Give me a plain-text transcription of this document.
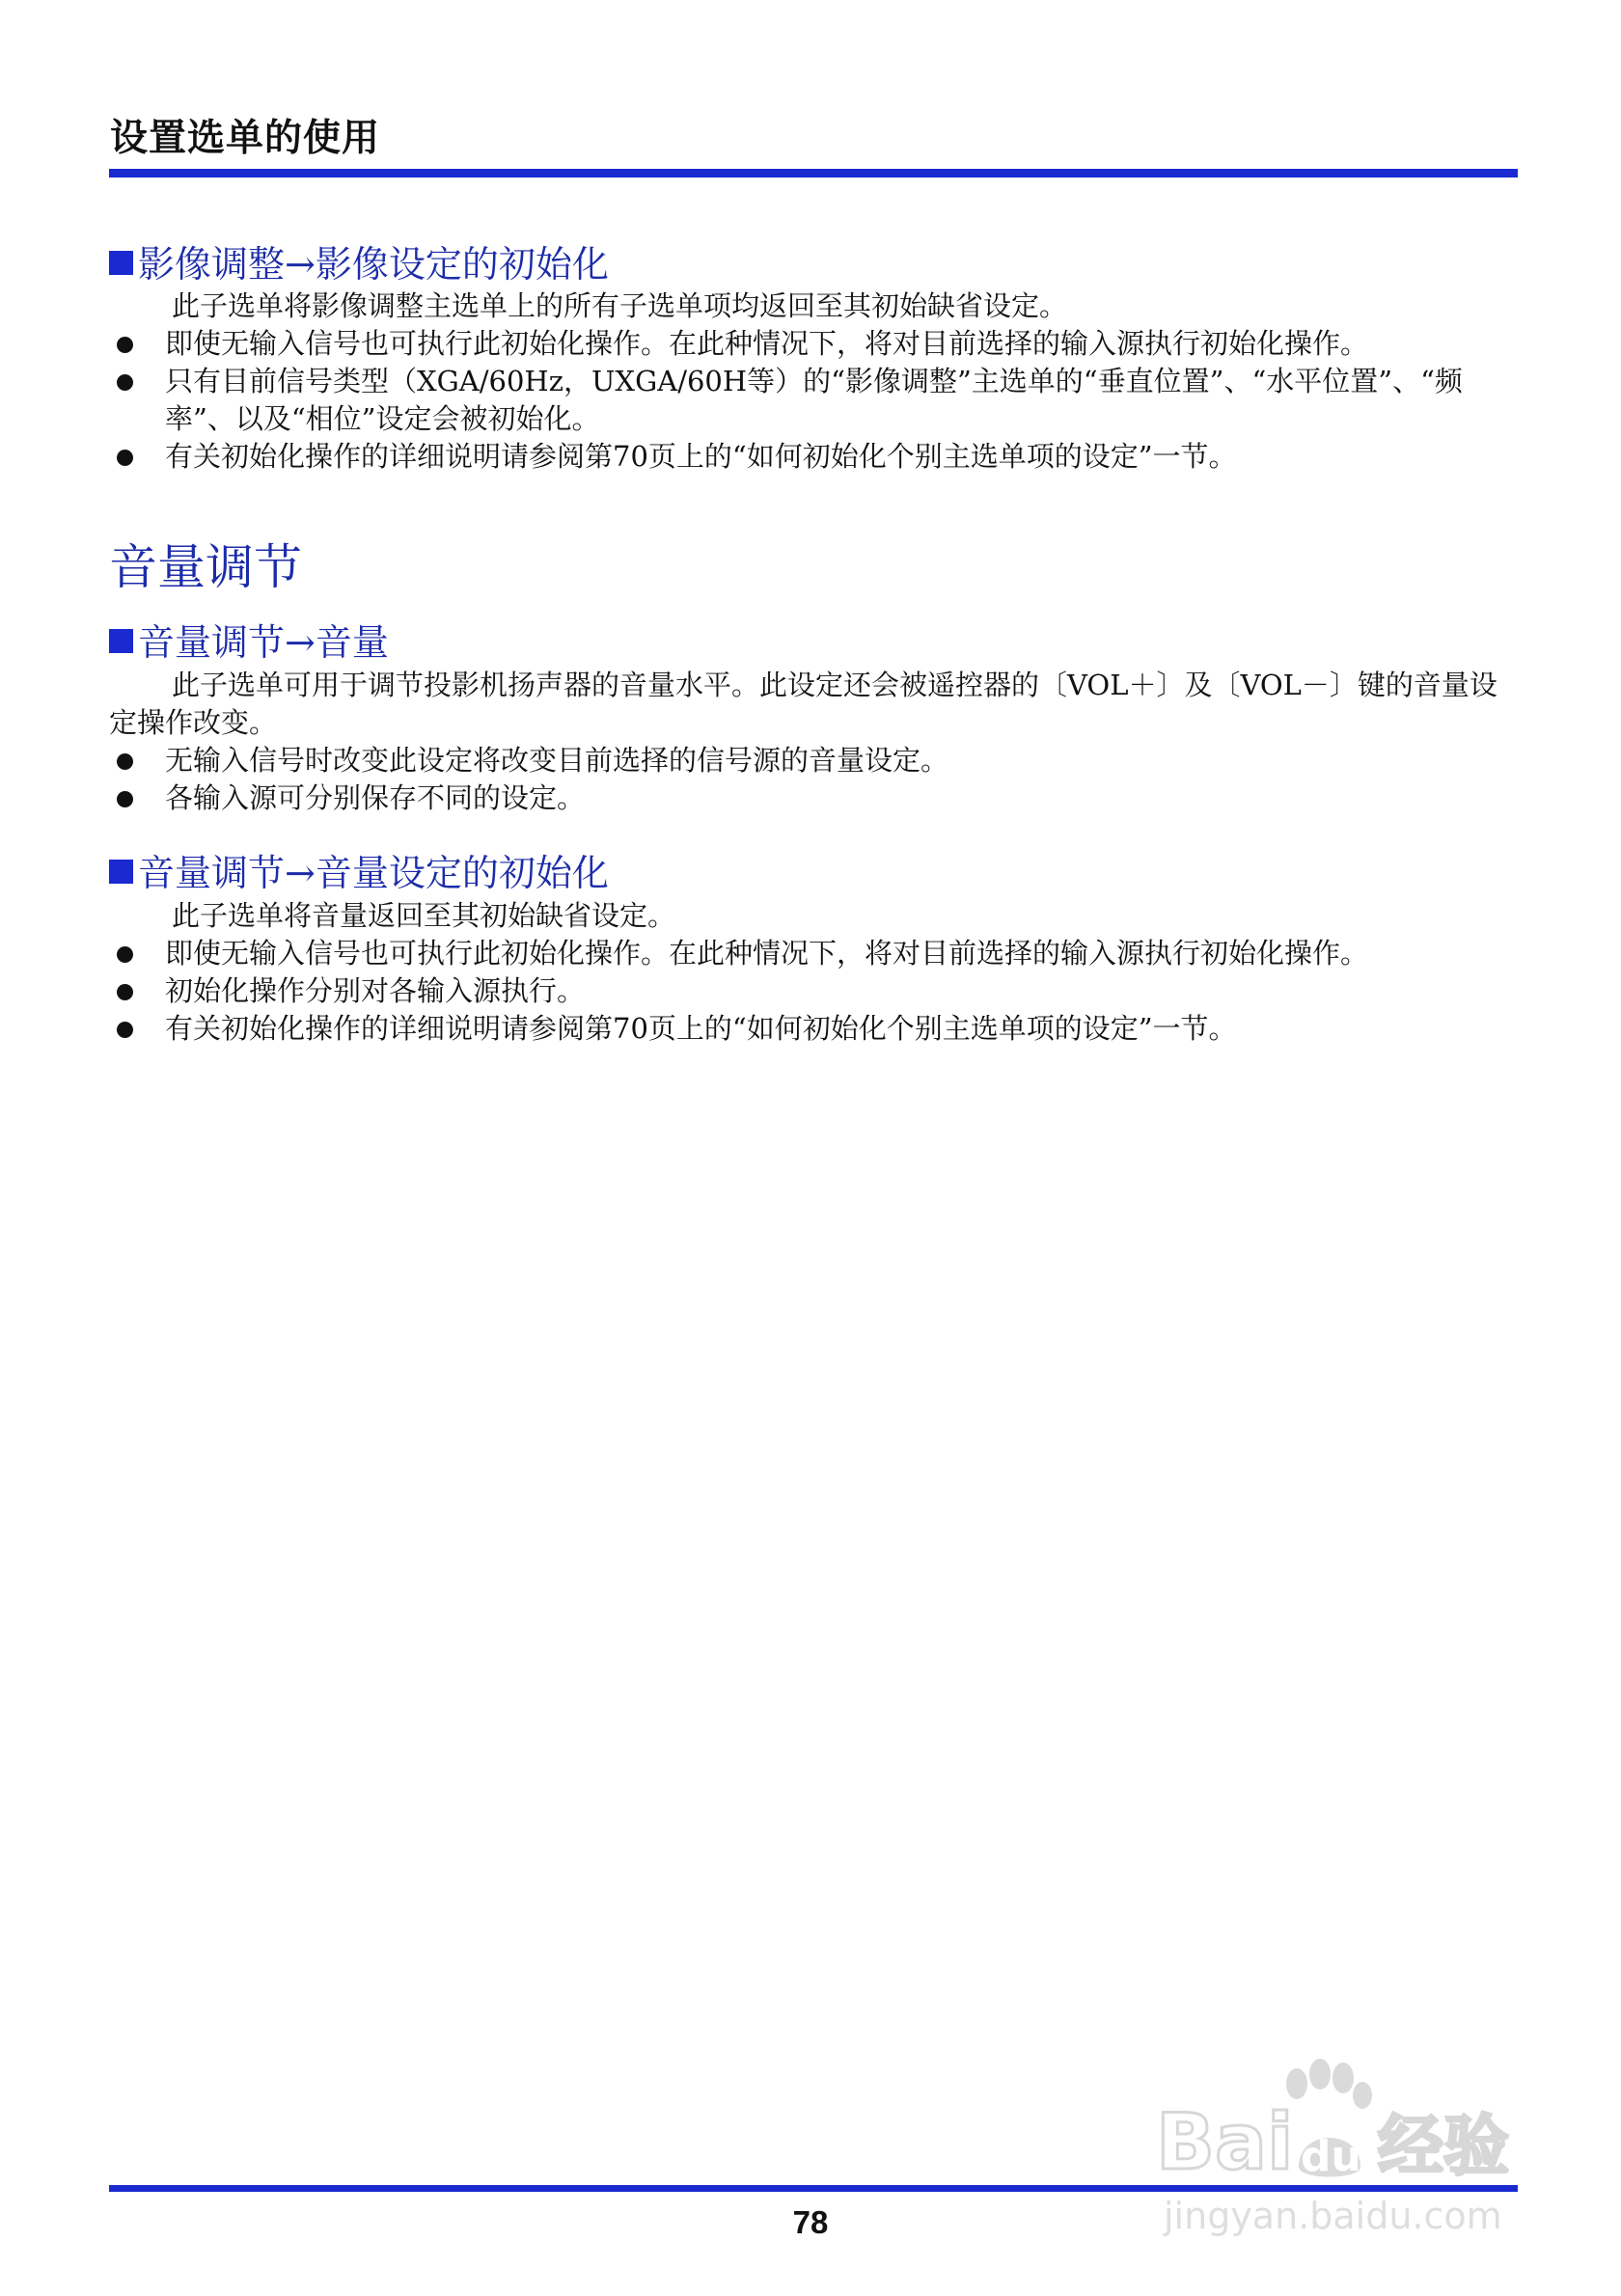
设置选单的使用
影像调整→影像设定的初始化

此子选单将影像调整主选单上的所有子选单项均返回至其初始缺省设定。

即使无输入信号也可执行此初始化操作。在此种情况下，将对目前选择的输入源执行初始化操作。
只有目前信号类型（XGA/60Hz，UXGA/60H等）的“影像调整”主选单的“垂直位置”、“水平位置”、“频率”、以及“相位”设定会被初始化。
有关初始化操作的详细说明请参阅第70页上的“如何初始化个别主选单项的设定”一节。
音量调节
音量调节→音量

此子选单可用于调节投影机扬声器的音量水平。此设定还会被遥控器的〔VOL＋〕及〔VOL－〕键的音量设定操作改变。

无输入信号时改变此设定将改变目前选择的信号源的音量设定。
各输入源可分别保存不同的设定。
音量调节→音量设定的初始化

此子选单将音量返回至其初始缺省设定。

即使无输入信号也可执行此初始化操作。在此种情况下，将对目前选择的输入源执行初始化操作。
初始化操作分别对各输入源执行。
有关初始化操作的详细说明请参阅第70页上的“如何初始化个别主选单项的设定”一节。
78
Bai du 经验
jingyan.baidu.com
